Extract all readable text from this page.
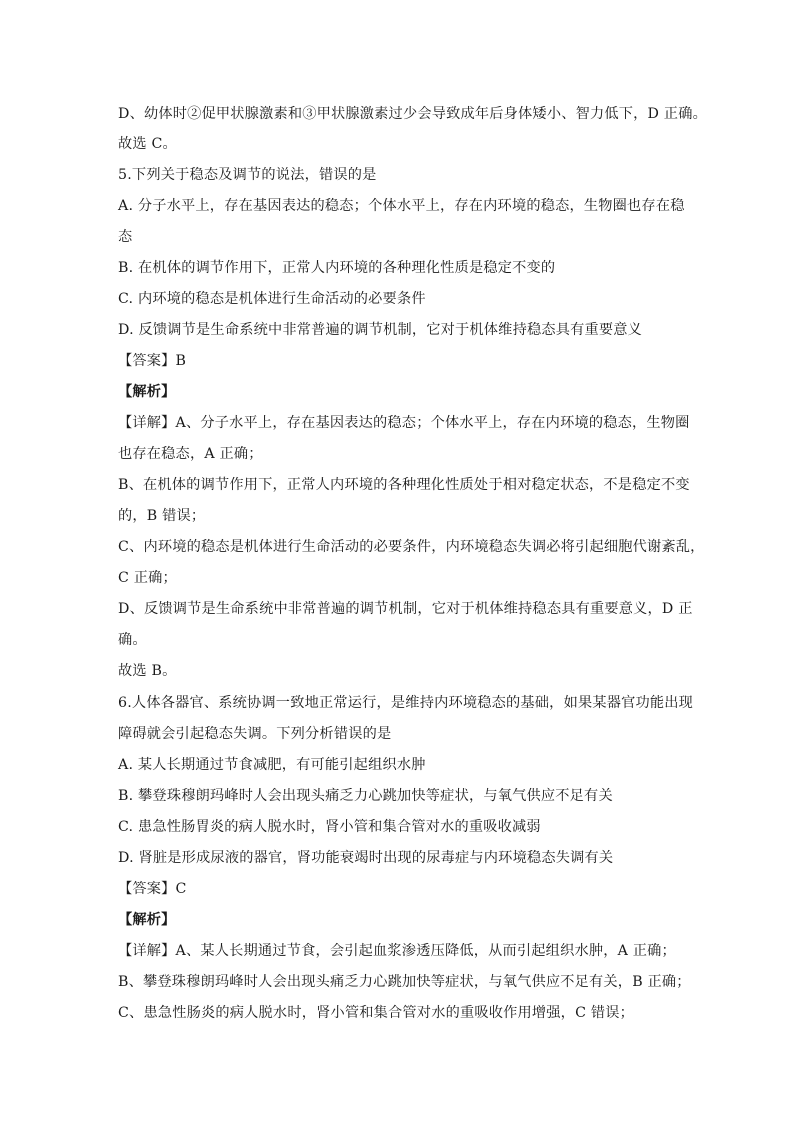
D、幼体时②促甲状腺激素和③甲状腺激素过少会导致成年后身体矮小、智力低下，D 正确。
故选 C。
5.下列关于稳态及调节的说法，错误的是
A. 分子水平上，存在基因表达的稳态；个体水平上，存在内环境的稳态，生物圈也存在稳
态
B. 在机体的调节作用下，正常人内环境的各种理化性质是稳定不变的
C. 内环境的稳态是机体进行生命活动的必要条件
D. 反馈调节是生命系统中非常普遍的调节机制，它对于机体维持稳态具有重要意义
【答案】B
【解析】
【详解】A、分子水平上，存在基因表达的稳态；个体水平上，存在内环境的稳态，生物圈
也存在稳态，A 正确；
B、在机体的调节作用下，正常人内环境的各种理化性质处于相对稳定状态，不是稳定不变
的，B 错误；
C、内环境的稳态是机体进行生命活动的必要条件，内环境稳态失调必将引起细胞代谢紊乱，
C 正确；
D、反馈调节是生命系统中非常普遍的调节机制，它对于机体维持稳态具有重要意义，D 正
确。
故选 B。
6.人体各器官、系统协调一致地正常运行，是维持内环境稳态的基础，如果某器官功能出现
障碍就会引起稳态失调。下列分析错误的是
A. 某人长期通过节食减肥，有可能引起组织水肿
B. 攀登珠穆朗玛峰时人会出现头痛乏力心跳加快等症状，与氧气供应不足有关
C. 患急性肠胃炎的病人脱水时，肾小管和集合管对水的重吸收减弱
D. 肾脏是形成尿液的器官，肾功能衰竭时出现的尿毒症与内环境稳态失调有关
【答案】C
【解析】
【详解】A、某人长期通过节食，会引起血浆渗透压降低，从而引起组织水肿，A 正确；
B、攀登珠穆朗玛峰时人会出现头痛乏力心跳加快等症状，与氧气供应不足有关，B 正确；
C、患急性肠炎的病人脱水时，肾小管和集合管对水的重吸收作用增强，C 错误；
